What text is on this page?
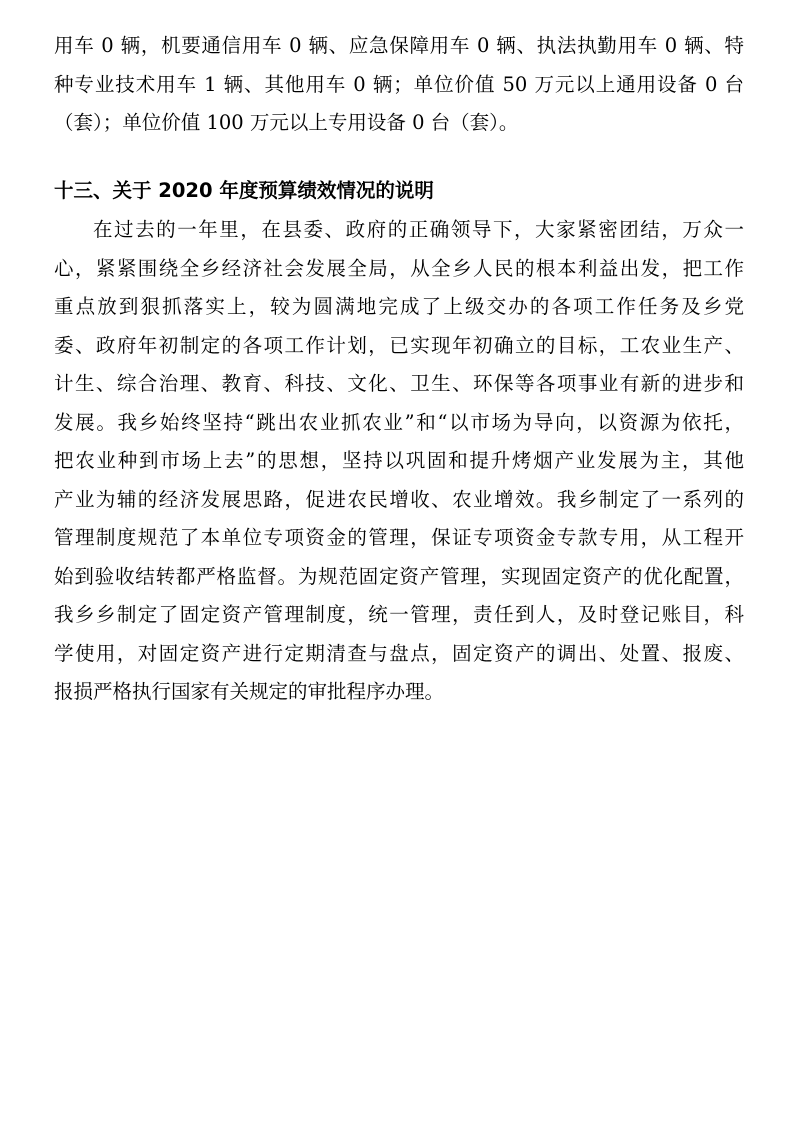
用车 0 辆，机要通信用车 0 辆、应急保障用车 0 辆、执法执勤用车 0 辆、特
种专业技术用车 1 辆、其他用车 0 辆；单位价值 50 万元以上通用设备 0 台
（套）；单位价值 100 万元以上专用设备 0 台（套）。
十三、关于 2020 年度预算绩效情况的说明
在过去的一年里，在县委、政府的正确领导下，大家紧密团结，万众一
心，紧紧围绕全乡经济社会发展全局，从全乡人民的根本利益出发，把工作
重点放到狠抓落实上，较为圆满地完成了上级交办的各项工作任务及乡党
委、政府年初制定的各项工作计划，已实现年初确立的目标，工农业生产、
计生、综合治理、教育、科技、文化、卫生、环保等各项事业有新的进步和
发展。我乡始终坚持“跳出农业抓农业”和“以市场为导向，以资源为依托，
把农业种到市场上去”的思想，坚持以巩固和提升烤烟产业发展为主，其他
产业为辅的经济发展思路，促进农民增收、农业增效。我乡制定了一系列的
管理制度规范了本单位专项资金的管理，保证专项资金专款专用，从工程开
始到验收结转都严格监督。为规范固定资产管理，实现固定资产的优化配置，
我乡乡制定了固定资产管理制度，统一管理，责任到人，及时登记账目，科
学使用，对固定资产进行定期清查与盘点，固定资产的调出、处置、报废、
报损严格执行国家有关规定的审批程序办理。
